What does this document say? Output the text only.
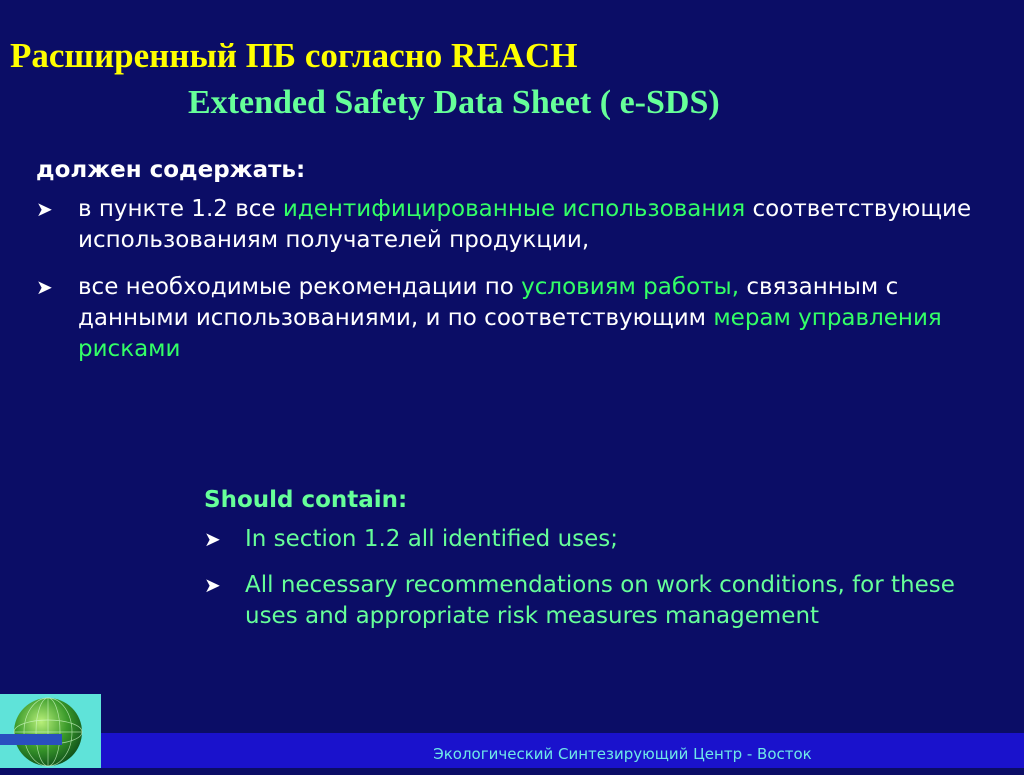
Расширенный ПБ согласно REACH
Extended Safety Data Sheet ( e-SDS)
должен содержать:
➤ в пункте 1.2 все идентифицированные использования соответствующие использованиям получателей продукции,
➤ все необходимые рекомендации по условиям работы, связанным с данными использованиями, и по соответствующим мерам управления рисками
Should contain:
➤ In section 1.2 all identified uses;
➤ All necessary recommendations on work conditions, for these uses and appropriate risk measures management
Экологический Синтезирующий Центр - Восток
